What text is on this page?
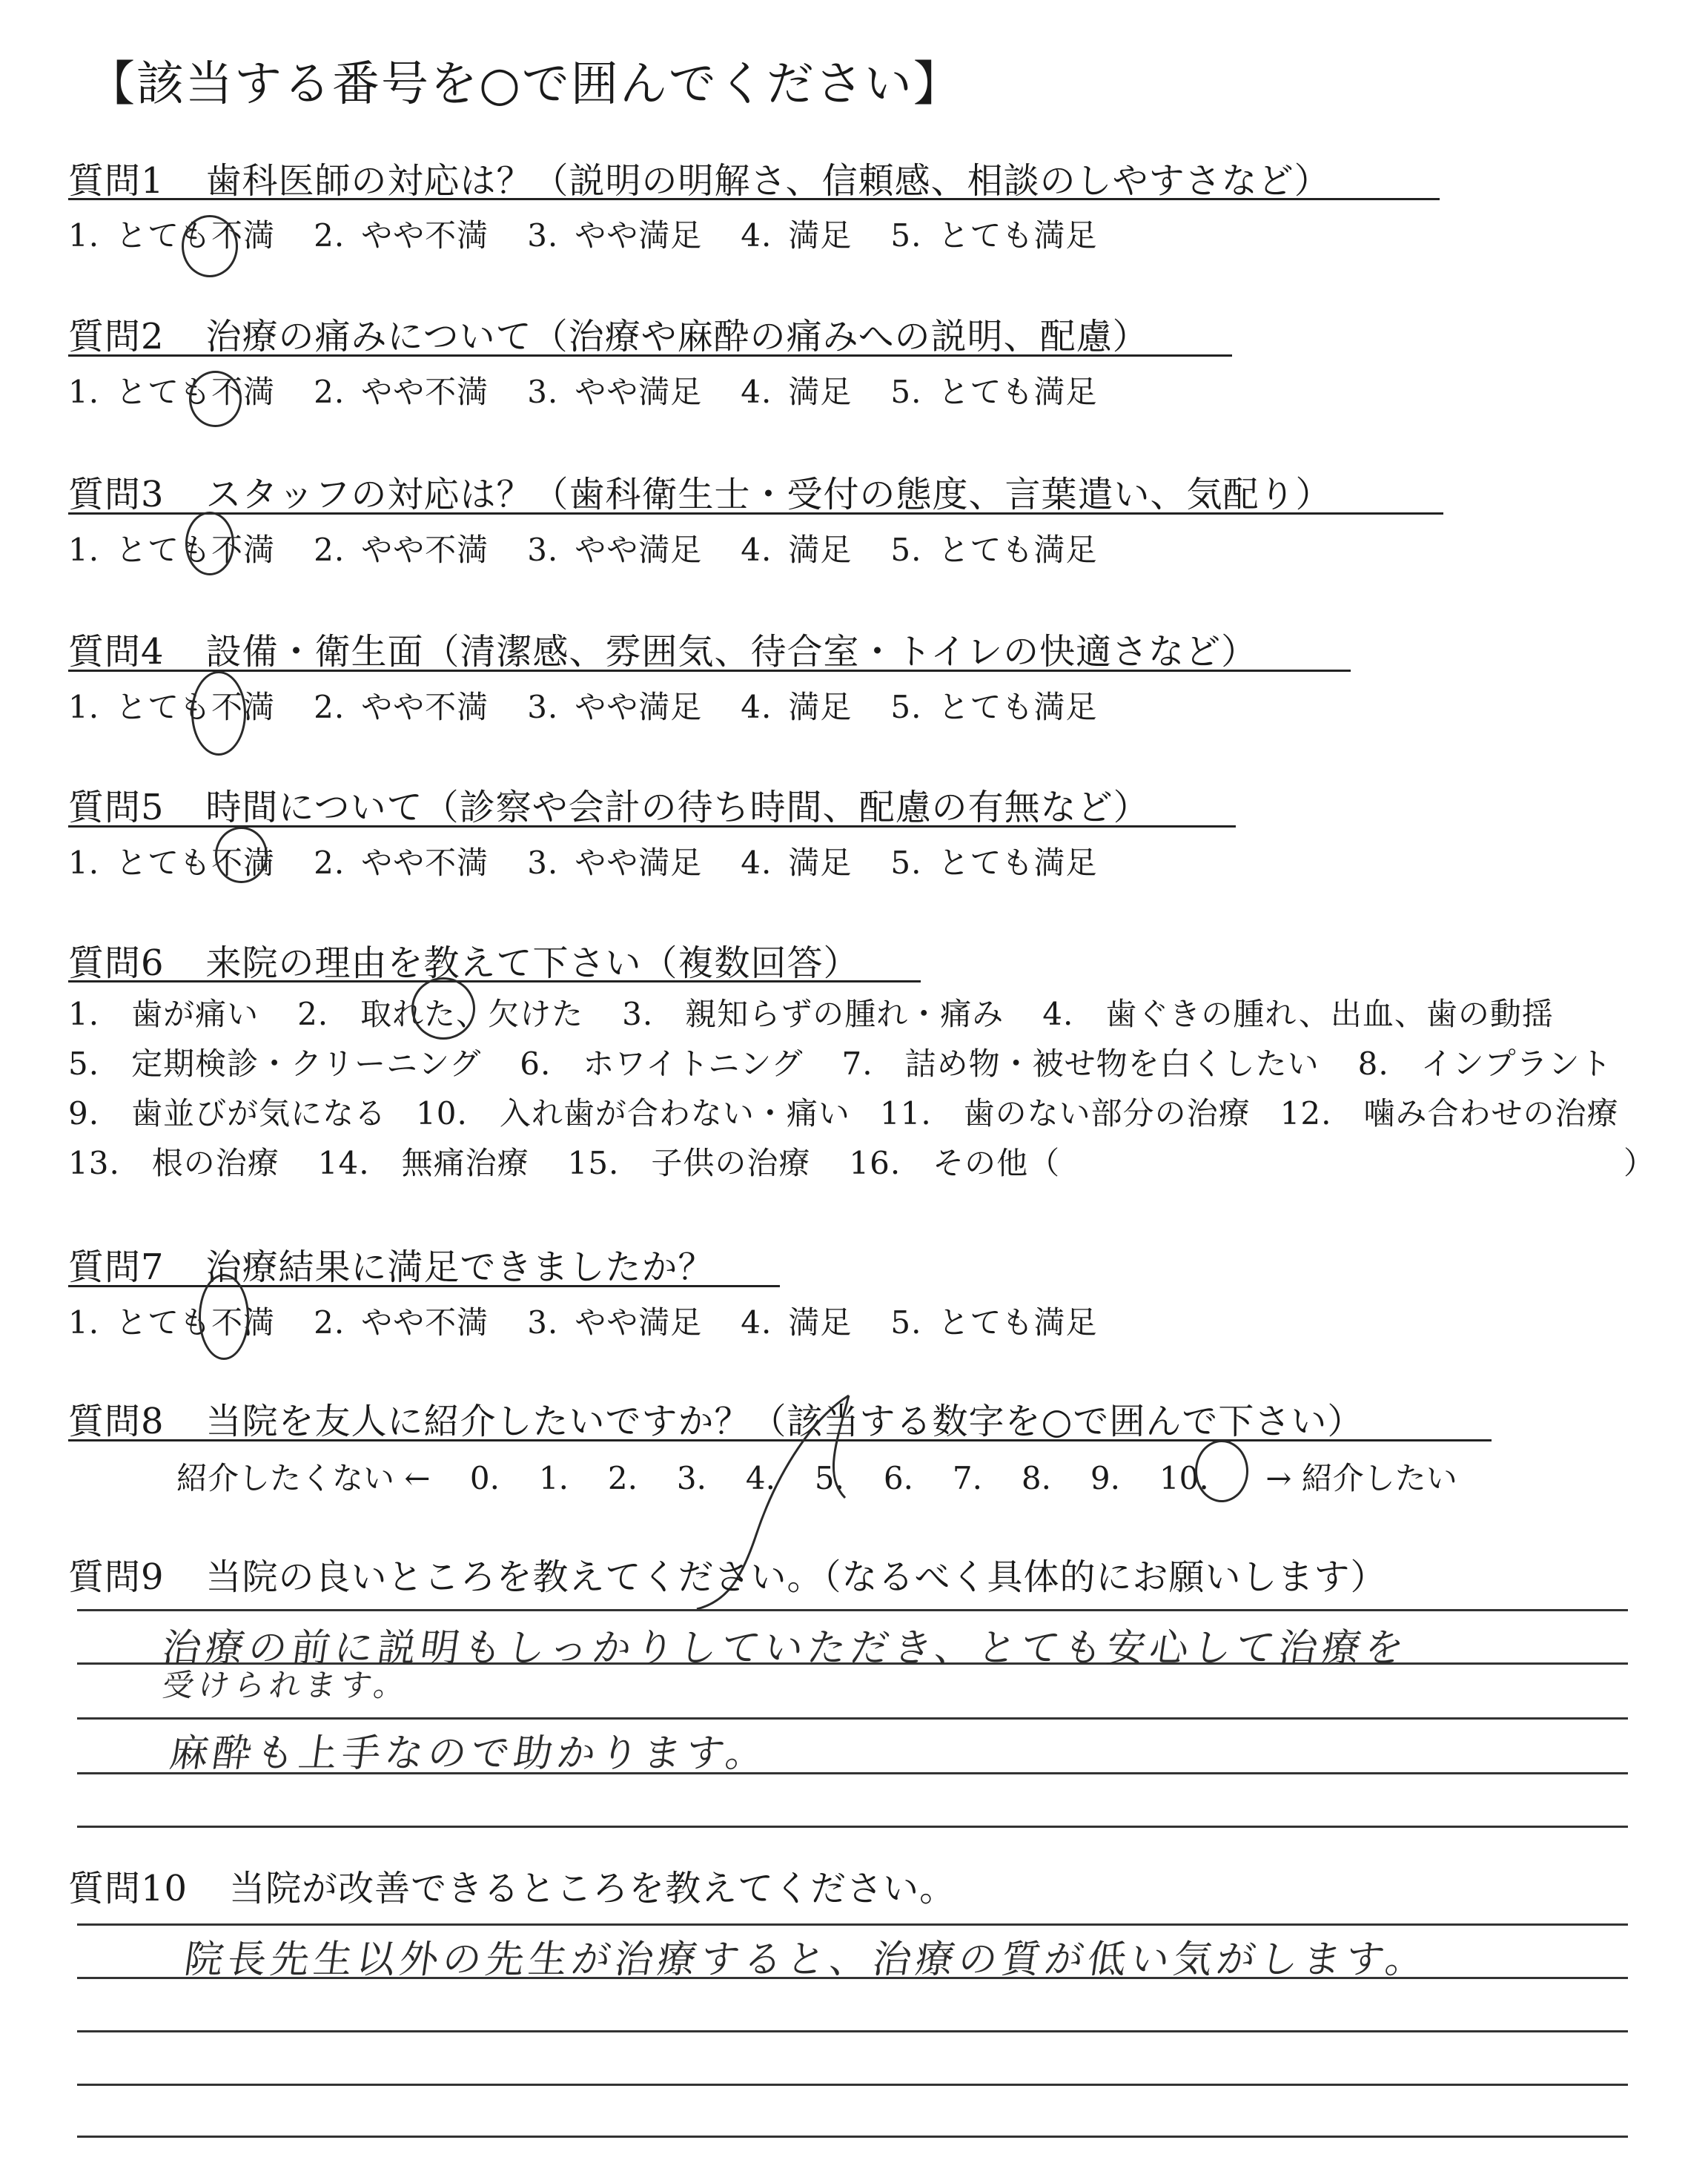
【該当する番号を○で囲んでください】
質問1 歯科医師の対応は？（説明の明解さ、信頼感、相談のしやすさなど）
1. とても不満 2. やや不満 3. やや満足 4. 満足 5. とても満足
質問2 治療の痛みについて（治療や麻酔の痛みへの説明、配慮）
1. とても不満 2. やや不満 3. やや満足 4. 満足 5. とても満足
質問3 スタッフの対応は？（歯科衛生士・受付の態度、言葉遣い、気配り）
1. とても不満 2. やや不満 3. やや満足 4. 満足 5. とても満足
質問4 設備・衛生面（清潔感、雰囲気、待合室・トイレの快適さなど）
1. とても不満 2. やや不満 3. やや満足 4. 満足 5. とても満足
質問5 時間について（診察や会計の待ち時間、配慮の有無など）
1. とても不満 2. やや不満 3. やや満足 4. 満足 5. とても満足
質問6 来院の理由を教えて下さい（複数回答）
1.　歯が痛い 2.　取れた、欠けた 3.　親知らずの腫れ・痛み 4.　歯ぐきの腫れ、出血、歯の動揺
5.　定期検診・クリーニング 6.　ホワイトニング 7.　詰め物・被せ物を白くしたい 8.　インプラント
9.　歯並びが気になる 10.　入れ歯が合わない・痛い 11.　歯のない部分の治療 12.　噛み合わせの治療
13.　根の治療 14.　無痛治療 15.　子供の治療 16.　その他（	）
質問7 治療結果に満足できましたか？
1. とても不満 2. やや不満 3. やや満足 4. 満足 5. とても満足
質問8 当院を友人に紹介したいですか？（該当する数字を○で囲んで下さい）
紹介したくない ← 0. 1. 2. 3. 4. 5. 6. 7. 8. 9. 10. → 紹介したい
質問9 当院の良いところを教えてください。（なるべく具体的にお願いします）
治療の前に説明もしっかりしていただき、とても安心して治療を
受けられます。
麻酔も上手なので助かります。
質問10 当院が改善できるところを教えてください。
院長先生以外の先生が治療すると、治療の質が低い気がします。
